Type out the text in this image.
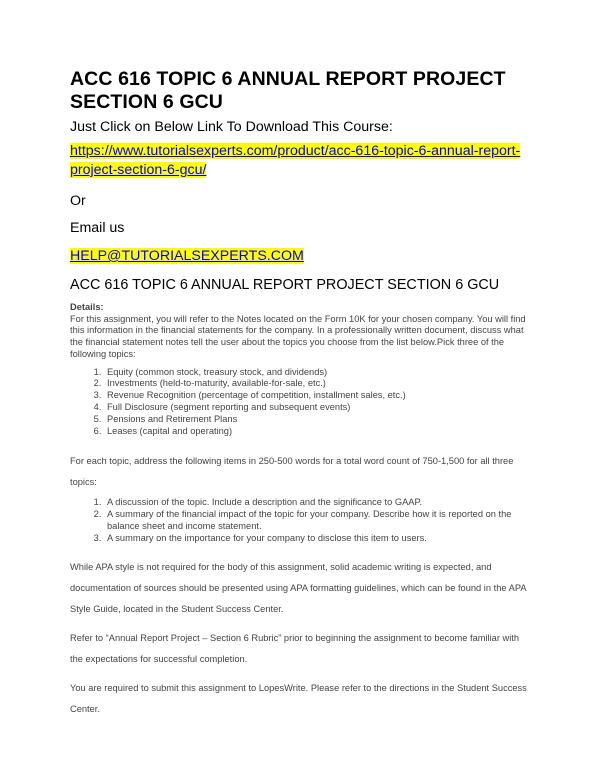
ACC 616 TOPIC 6 ANNUAL REPORT PROJECT SECTION 6 GCU

Just Click on Below Link To Download This Course:

https://www.tutorialsexperts.com/product/acc-616-topic-6-annual-report-project-section-6-gcu/

Or

Email us

HELP@TUTORIALSEXPERTS.COM

ACC 616 TOPIC 6 ANNUAL REPORT PROJECT SECTION 6 GCU

Details:

For this assignment, you will refer to the Notes located on the Form 10K for your chosen company. You will find this information in the financial statements for the company. In a professionally written document, discuss what the financial statement notes tell the user about the topics you choose from the list below.Pick three of the following topics:

1. Equity (common stock, treasury stock, and dividends)
2. Investments (held-to-maturity, available-for-sale, etc.)
3. Revenue Recognition (percentage of competition, installment sales, etc.)
4. Full Disclosure (segment reporting and subsequent events)
5. Pensions and Retirement Plans
6. Leases (capital and operating)

For each topic, address the following items in 250-500 words for a total word count of 750-1,500 for all three topics:

1. A discussion of the topic. Include a description and the significance to GAAP.
2. A summary of the financial impact of the topic for your company. Describe how it is reported on the balance sheet and income statement.
3. A summary on the importance for your company to disclose this item to users.

While APA style is not required for the body of this assignment, solid academic writing is expected, and documentation of sources should be presented using APA formatting guidelines, which can be found in the APA Style Guide, located in the Student Success Center.

Refer to “Annual Report Project – Section 6 Rubric” prior to beginning the assignment to become familiar with the expectations for successful completion.

You are required to submit this assignment to LopesWrite. Please refer to the directions in the Student Success Center.
